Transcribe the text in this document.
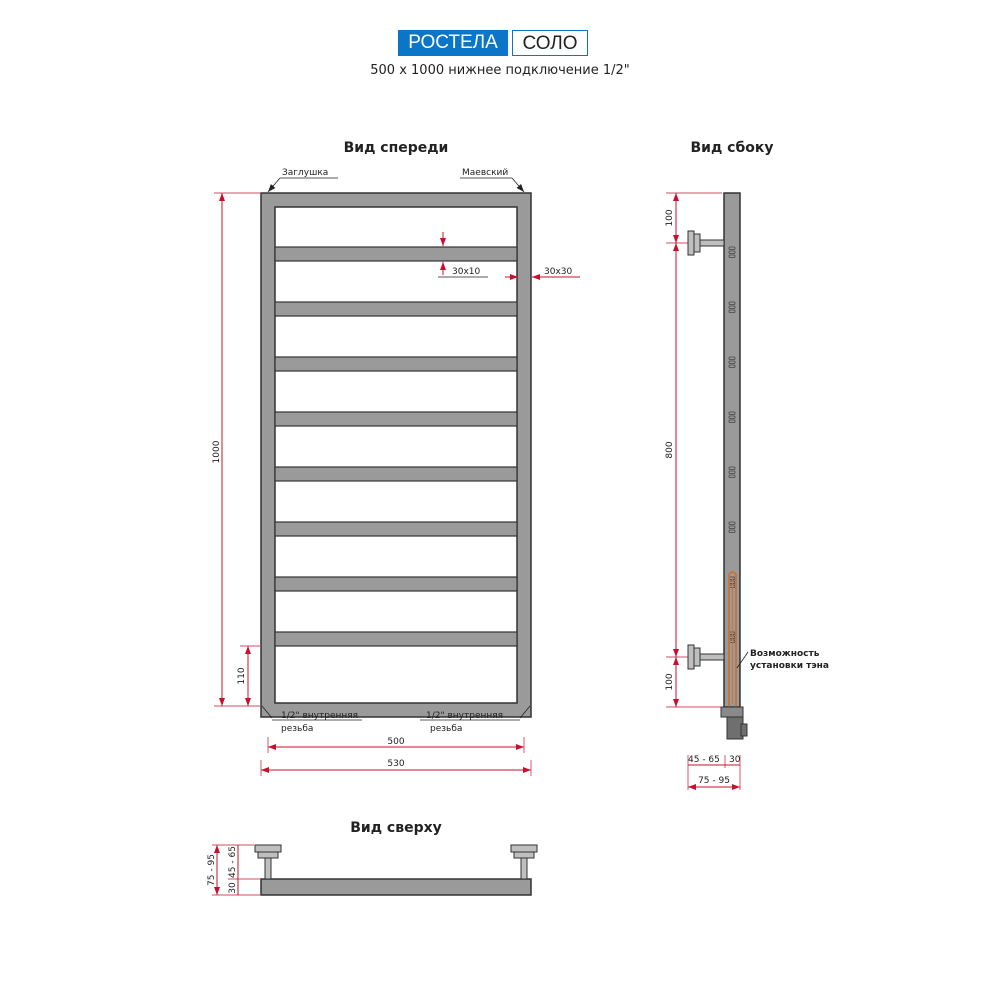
РОСТЕЛА	СОЛО
500 x 1000 нижнее подключение 1/2"
Вид спереди
Заглушка	Маевский
30x10	30x30
1000
110
1/2" внутренняя
резьба
1/2" внутренняя
резьба
500
530
Вид сбоку
100
800
100
Возможность
установки тэна
45 - 65 30
75 - 95
Вид сверху
75 - 95 45 - 65
30
